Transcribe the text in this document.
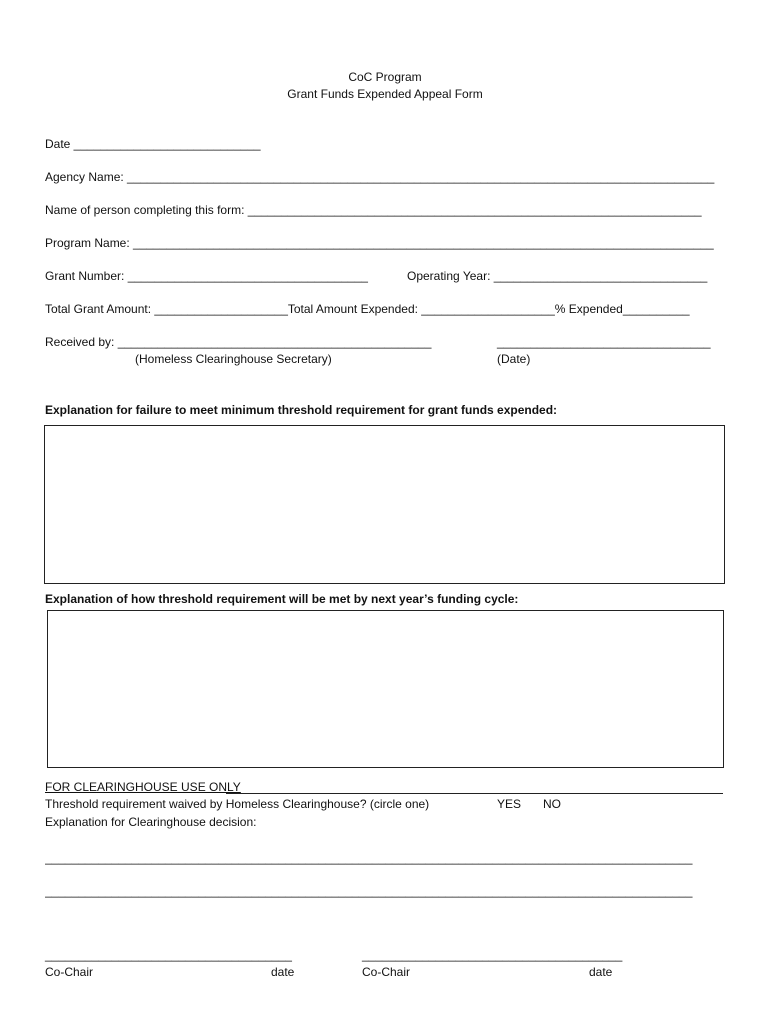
CoC Program
Grant Funds Expended Appeal Form
Date ____________________________
Agency Name: ________________________________________________________________________________________
Name of person completing this form: ____________________________________________________________________
Program Name: _______________________________________________________________________________________
Grant Number: ____________________________________	Operating Year: ________________________________
Total Grant Amount: ____________________Total Amount Expended: ____________________% Expended__________
Received by: _______________________________________________	________________________________
(Homeless Clearinghouse Secretary)	(Date)
Explanation for failure to meet minimum threshold requirement for grant funds expended:
Explanation of how threshold requirement will be met by next year’s funding cycle:
FOR CLEARINGHOUSE USE ONLY
Threshold requirement waived by Homeless Clearinghouse? (circle one)	YES NO
Explanation for Clearinghouse decision:
_________________________________________________________________________________________________
_________________________________________________________________________________________________
_____________________________________	_______________________________________
Co-Chair	date	Co-Chair	date
